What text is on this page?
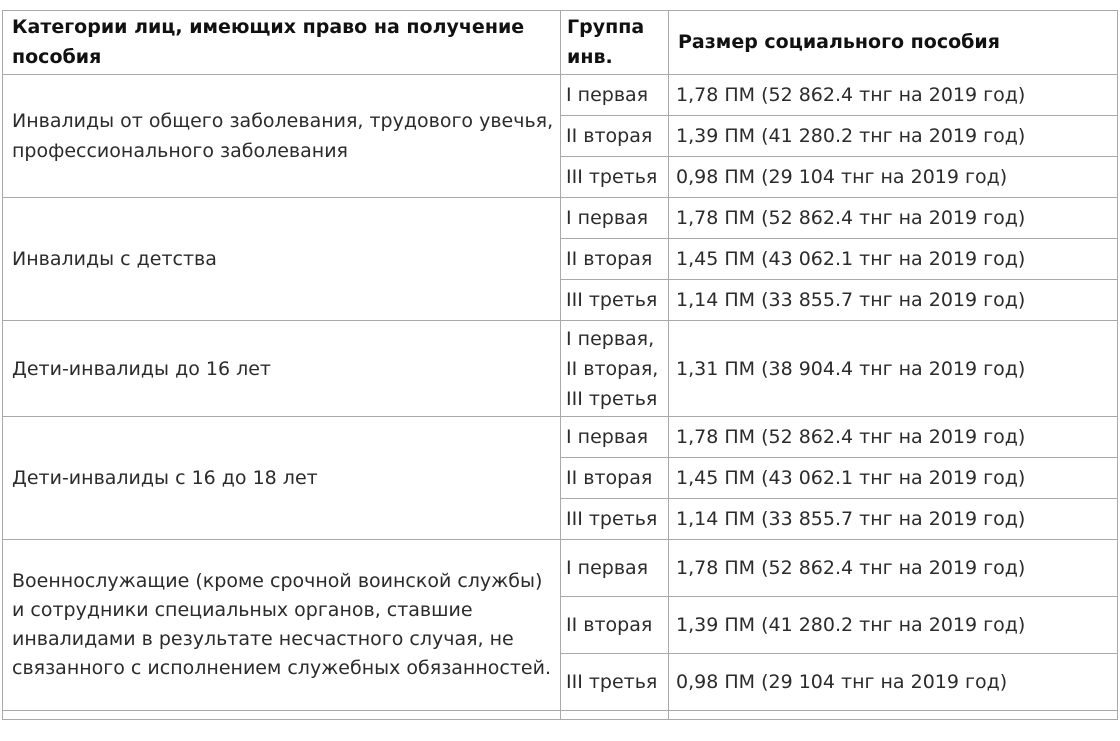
Категории лиц, имеющих право на получение пособия	Группа инв.	Размер социального пособия
Инвалиды от общего заболевания, трудового увечья, профессионального заболевания	I первая	1,78 ПМ (52 862.4 тнг на 2019 год)
	II вторая	1,39 ПМ (41 280.2 тнг на 2019 год)
	III третья	0,98 ПМ (29 104 тнг на 2019 год)
Инвалиды с детства	I первая	1,78 ПМ (52 862.4 тнг на 2019 год)
	II вторая	1,45 ПМ (43 062.1 тнг на 2019 год)
	III третья	1,14 ПМ (33 855.7 тнг на 2019 год)
Дети-инвалиды до 16 лет	I первая,
II вторая,
III третья	1,31 ПМ (38 904.4 тнг на 2019 год)
Дети-инвалиды с 16 до 18 лет	I первая	1,78 ПМ (52 862.4 тнг на 2019 год)
	II вторая	1,45 ПМ (43 062.1 тнг на 2019 год)
	III третья	1,14 ПМ (33 855.7 тнг на 2019 год)
Военнослужащие (кроме срочной воинской службы) и сотрудники специальных органов, ставшие инвалидами в результате несчастного случая, не связанного с исполнением служебных обязанностей.	I первая	1,78 ПМ (52 862.4 тнг на 2019 год)
	II вторая	1,39 ПМ (41 280.2 тнг на 2019 год)
	III третья	0,98 ПМ (29 104 тнг на 2019 год)
